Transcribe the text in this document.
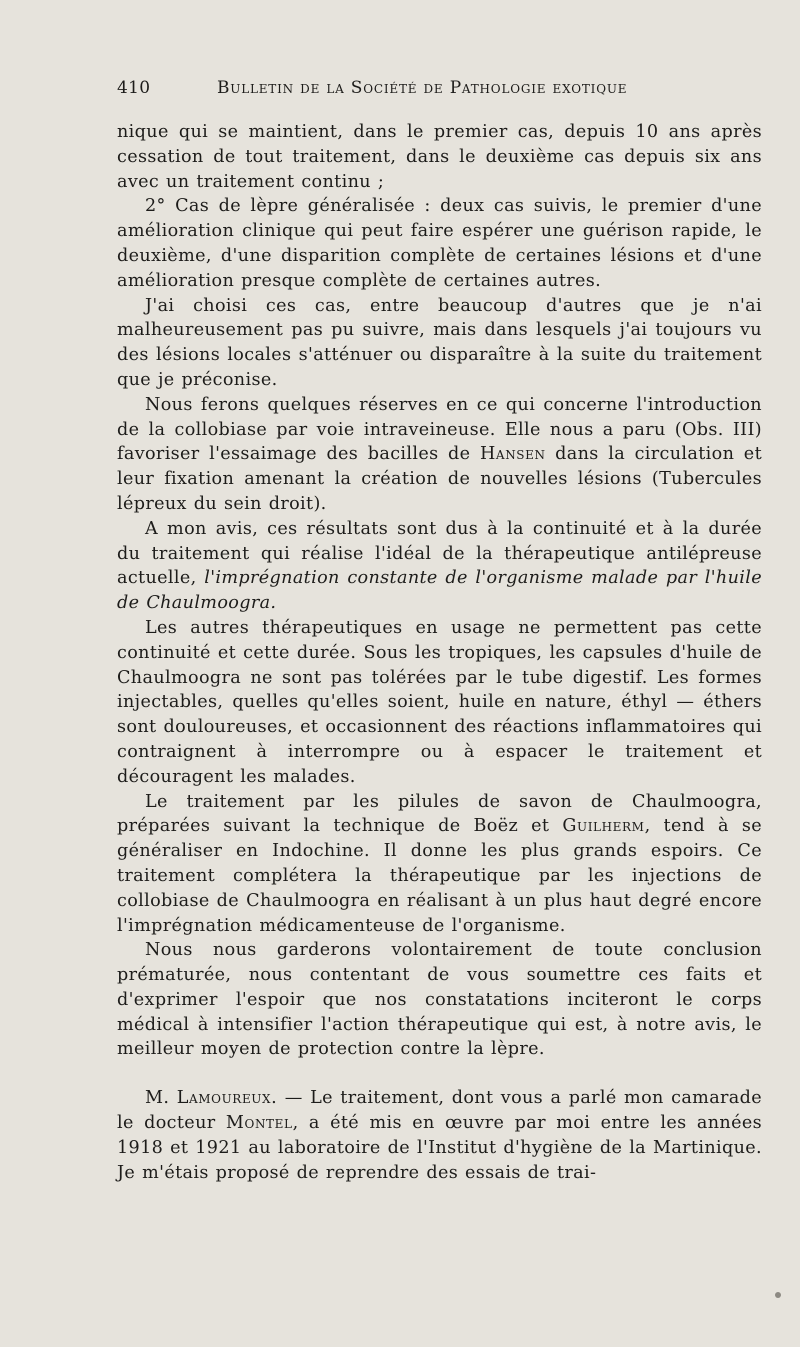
410	Bulletin de la Société de Pathologie exotique

nique qui se maintient, dans le premier cas, depuis 10 ans après cessation de tout traitement, dans le deuxième cas depuis six ans avec un traitement continu ;

2° Cas de lèpre généralisée : deux cas suivis, le premier d'une amélioration clinique qui peut faire espérer une guérison rapide, le deuxième, d'une disparition complète de certaines lésions et d'une amélioration presque complète de certaines autres.

J'ai choisi ces cas, entre beaucoup d'autres que je n'ai malheureusement pas pu suivre, mais dans lesquels j'ai toujours vu des lésions locales s'atténuer ou disparaître à la suite du traitement que je préconise.

Nous ferons quelques réserves en ce qui concerne l'introduction de la collobiase par voie intraveineuse. Elle nous a paru (Obs. III) favoriser l'essaimage des bacilles de Hansen dans la circulation et leur fixation amenant la création de nouvelles lésions (Tubercules lépreux du sein droit).

A mon avis, ces résultats sont dus à la continuité et à la durée du traitement qui réalise l'idéal de la thérapeutique antilépreuse actuelle, l'imprégnation constante de l'organisme malade par l'huile de Chaulmoogra.

Les autres thérapeutiques en usage ne permettent pas cette continuité et cette durée. Sous les tropiques, les capsules d'huile de Chaulmoogra ne sont pas tolérées par le tube digestif. Les formes injectables, quelles qu'elles soient, huile en nature, éthyl — éthers sont douloureuses, et occasionnent des réactions inflammatoires qui contraignent à interrompre ou à espacer le traitement et découragent les malades.

Le traitement par les pilules de savon de Chaulmoogra, préparées suivant la technique de Boëz et Guilherm, tend à se généraliser en Indochine. Il donne les plus grands espoirs. Ce traitement complétera la thérapeutique par les injections de collobiase de Chaulmoogra en réalisant à un plus haut degré encore l'imprégnation médicamenteuse de l'organisme.

Nous nous garderons volontairement de toute conclusion prématurée, nous contentant de vous soumettre ces faits et d'exprimer l'espoir que nos constatations inciteront le corps médical à intensifier l'action thérapeutique qui est, à notre avis, le meilleur moyen de protection contre la lèpre.

M. Lamoureux. — Le traitement, dont vous a parlé mon camarade le docteur Montel, a été mis en œuvre par moi entre les années 1918 et 1921 au laboratoire de l'Institut d'hygiène de la Martinique. Je m'étais proposé de reprendre des essais de trai-
